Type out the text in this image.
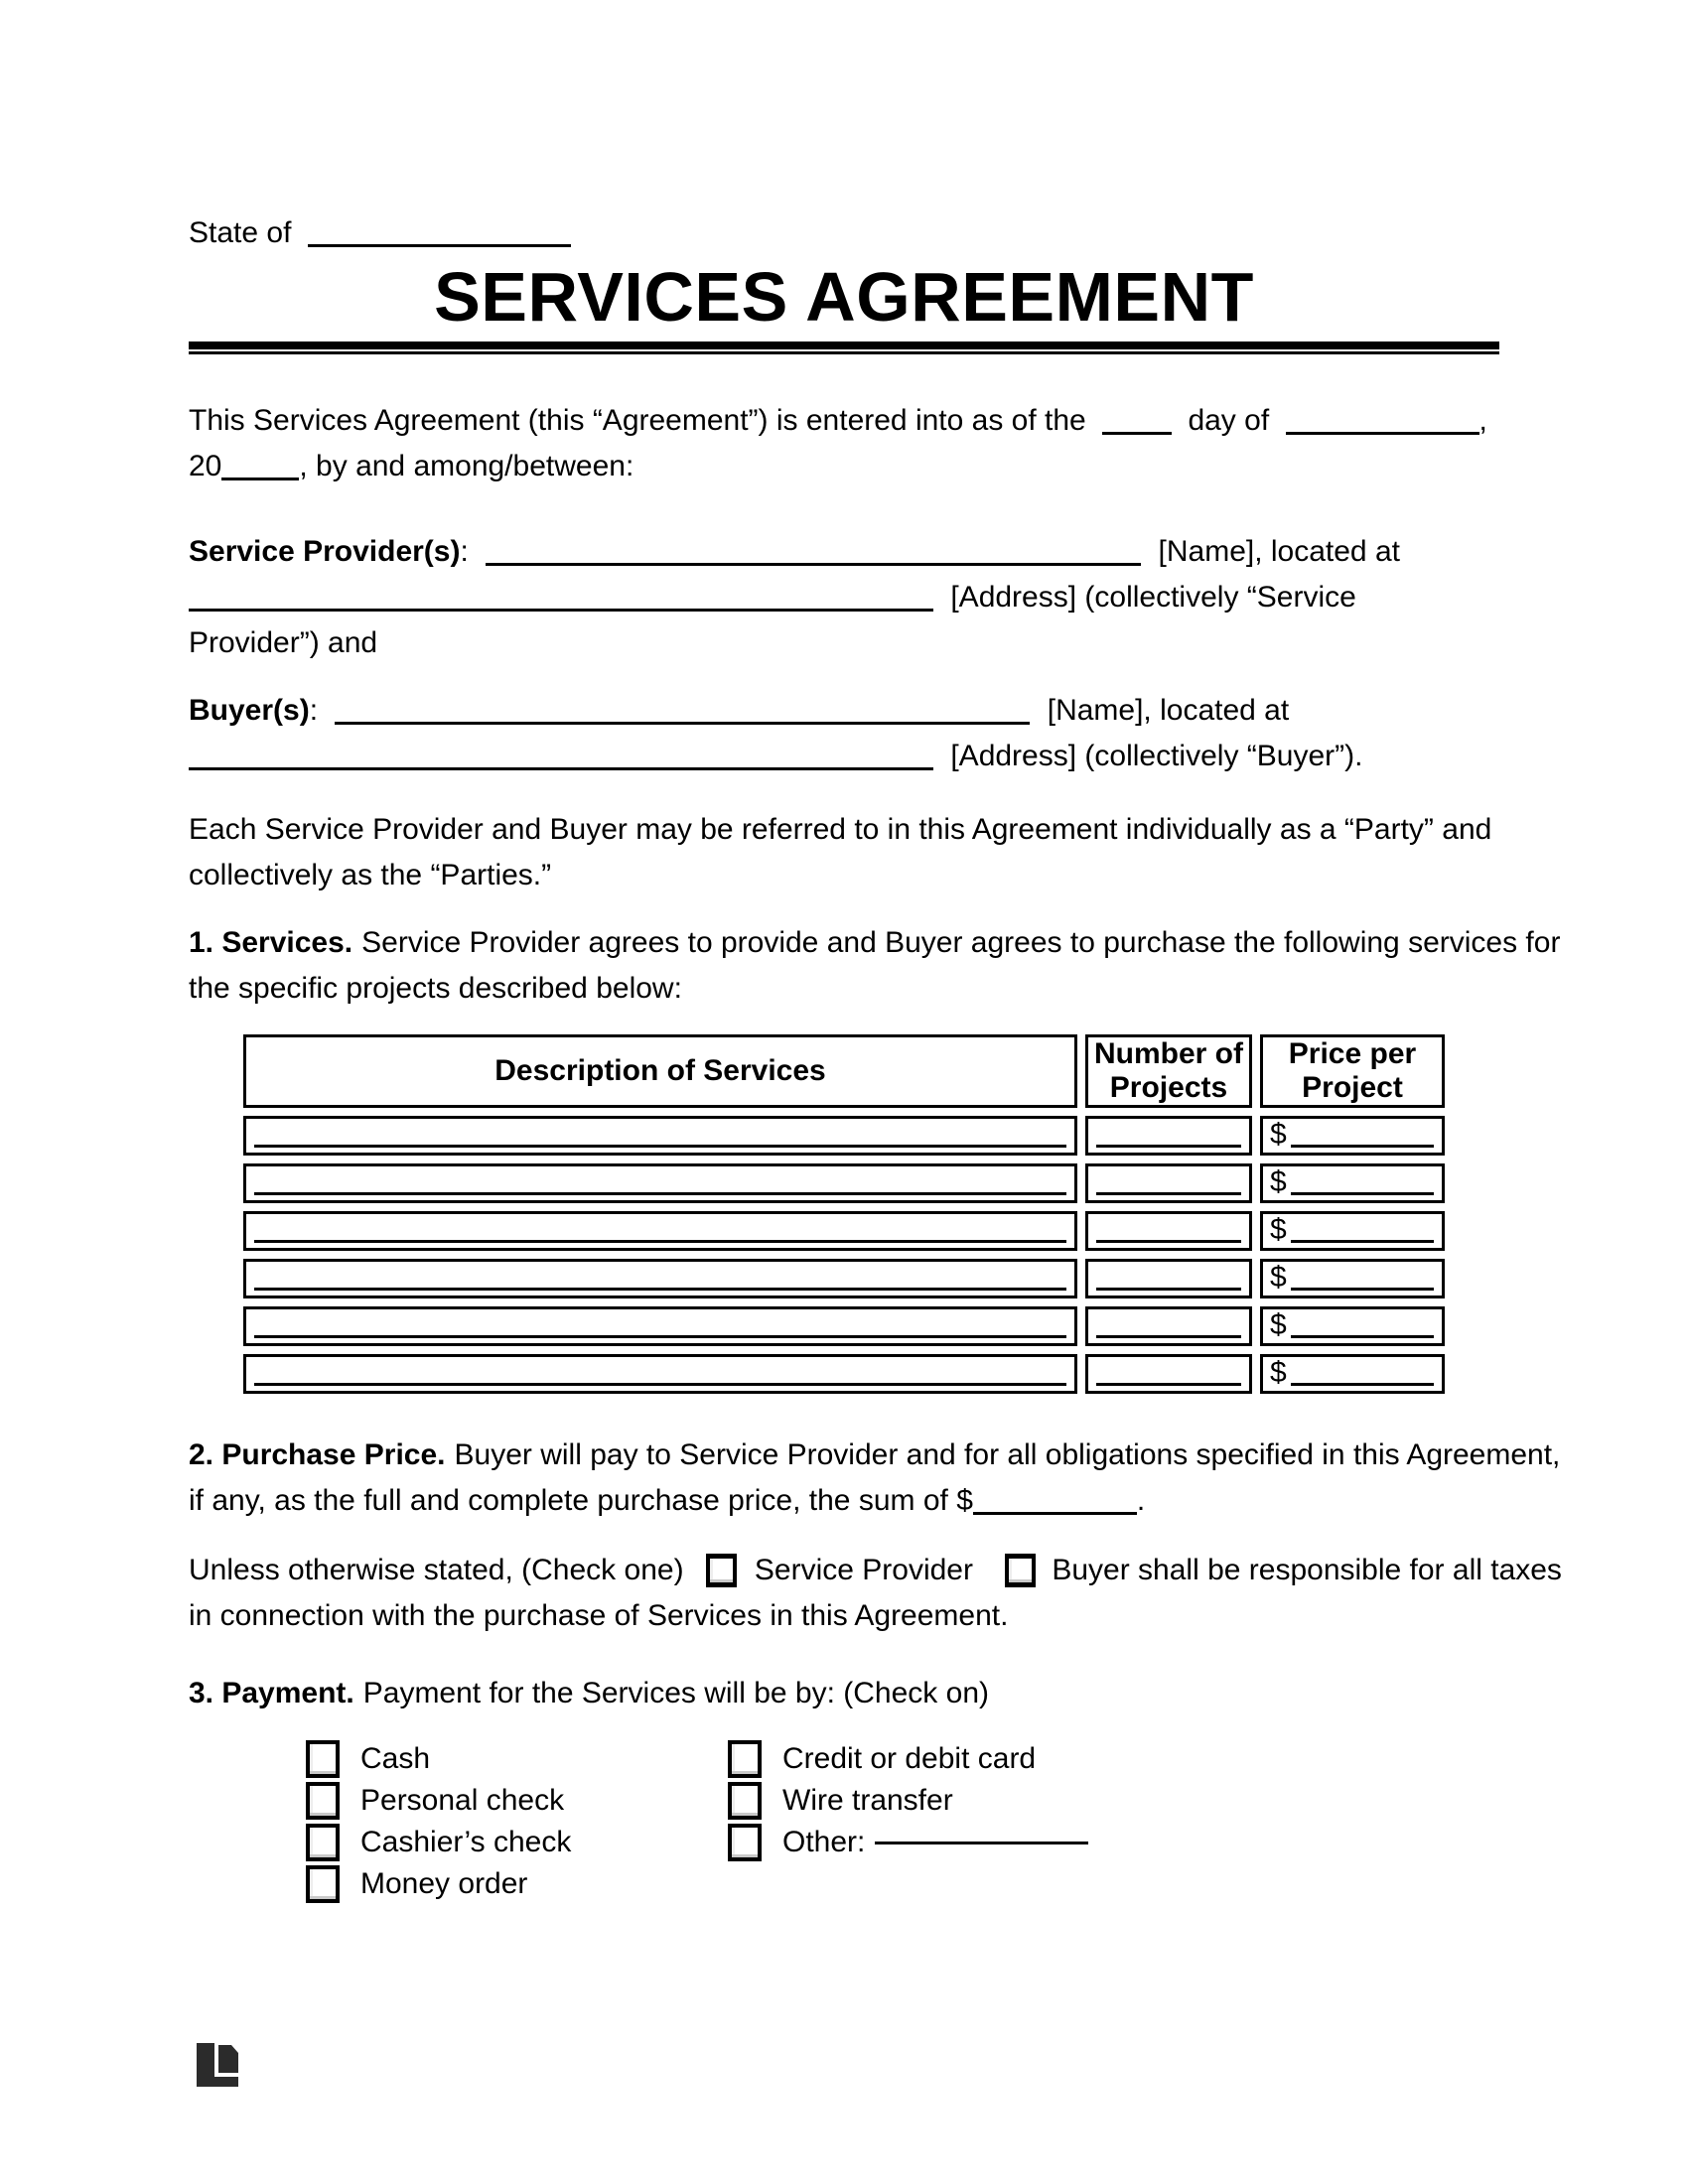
State of
SERVICES AGREEMENT
This Services Agreement (this “Agreement”) is entered into as of the	day of	,
20	, by and among/between:
Service Provider(s):	[Name], located at
[Address] (collectively “Service
Provider”) and
Buyer(s):	[Name], located at
[Address] (collectively “Buyer”).
Each Service Provider and Buyer may be referred to in this Agreement individually as a “Party” and
collectively as the “Parties.”
1. Services. Service Provider agrees to provide and Buyer agrees to purchase the following services for
the specific projects described below:
Description of Services	Number of Projects	Price per Project

		$

		$

		$

		$

		$

		$
2. Purchase Price. Buyer will pay to Service Provider and for all obligations specified in this Agreement,
if any, as the full and complete purchase price, the sum of $	.
Unless otherwise stated, (Check one) Service Provider	Buyer shall be responsible for all taxes
in connection with the purchase of Services in this Agreement.
3. Payment. Payment for the Services will be by: (Check on)
Cash
Personal check
Cashier’s check
Money order
Credit or debit card
Wire transfer
Other:
